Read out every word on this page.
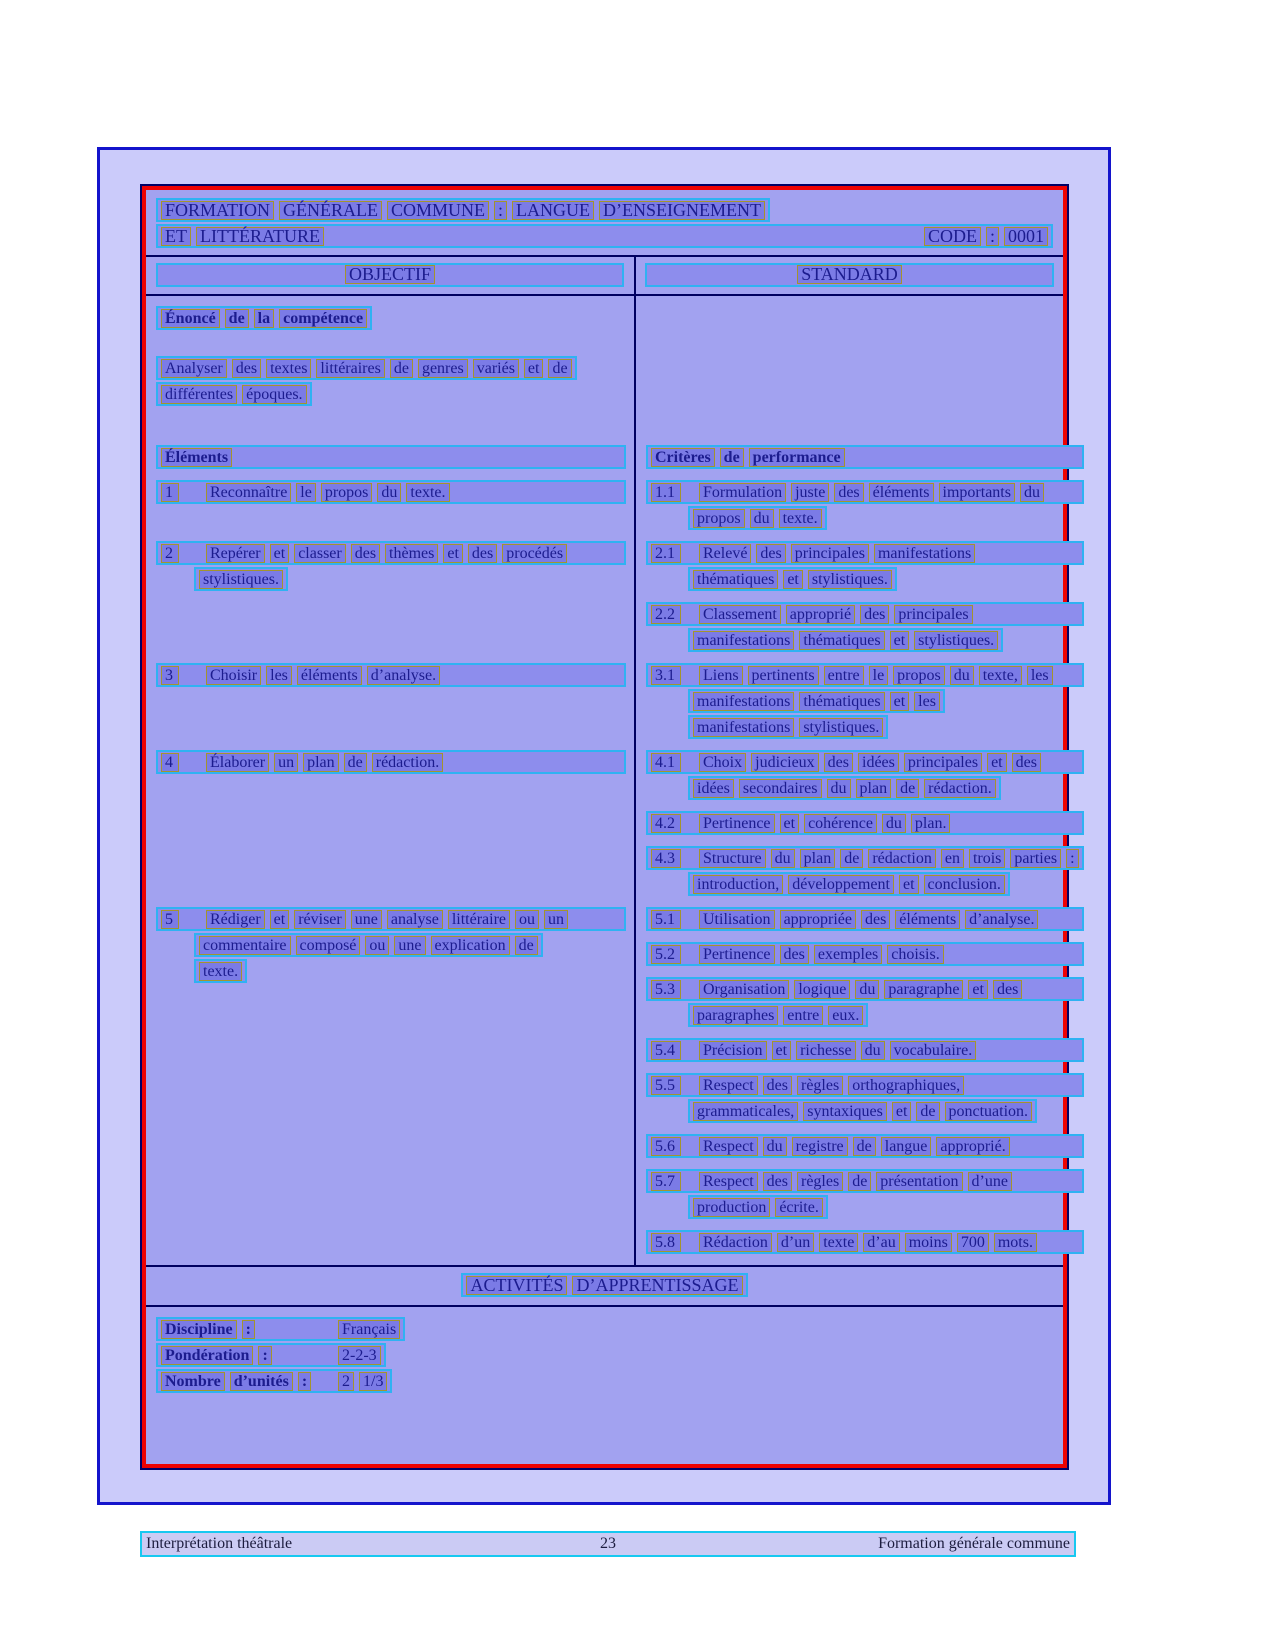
FORMATION GÉNÉRALE COMMUNE : LANGUE D’ENSEIGNEMENT
ET LITTÉRATURE	CODE : 0001
OBJECTIF	STANDARD
Énoncé de la compétence
Analyser des textes littéraires de genres variés et de
différentes époques.
Éléments	Critères de performance
1	Reconnaître le propos du texte.	1.1	Formulation juste des éléments importants du
propos du texte.
2	Repérer et classer des thèmes et des procédés
stylistiques.
2.1	Relevé des principales manifestations
thématiques et stylistiques.
2.2	Classement approprié des principales
manifestations thématiques et stylistiques.
3	Choisir les éléments d’analyse.	3.1	Liens pertinents entre le propos du texte, les
manifestations thématiques et les
manifestations stylistiques.
4	Élaborer un plan de rédaction.	4.1	Choix judicieux des idées principales et des
idées secondaires du plan de rédaction.
4.2	Pertinence et cohérence du plan.
4.3	Structure du plan de rédaction en trois parties :
introduction, développement et conclusion.
5	Rédiger et réviser une analyse littéraire ou un
commentaire composé ou une explication de
texte.
5.1	Utilisation appropriée des éléments d’analyse.
5.2	Pertinence des exemples choisis.
5.3	Organisation logique du paragraphe et des
paragraphes entre eux.
5.4	Précision et richesse du vocabulaire.
5.5	Respect des règles orthographiques,
grammaticales, syntaxiques et de ponctuation.
5.6	Respect du registre de langue approprié.
5.7	Respect des règles de présentation d’une
production écrite.
5.8	Rédaction d’un texte d’au moins 700 mots.
ACTIVITÉS D’APPRENTISSAGE
Discipline :	Français
Pondération :	2-2-3
Nombre d’unités : 2 1/3
Interprétation théâtrale	23	Formation générale commune
